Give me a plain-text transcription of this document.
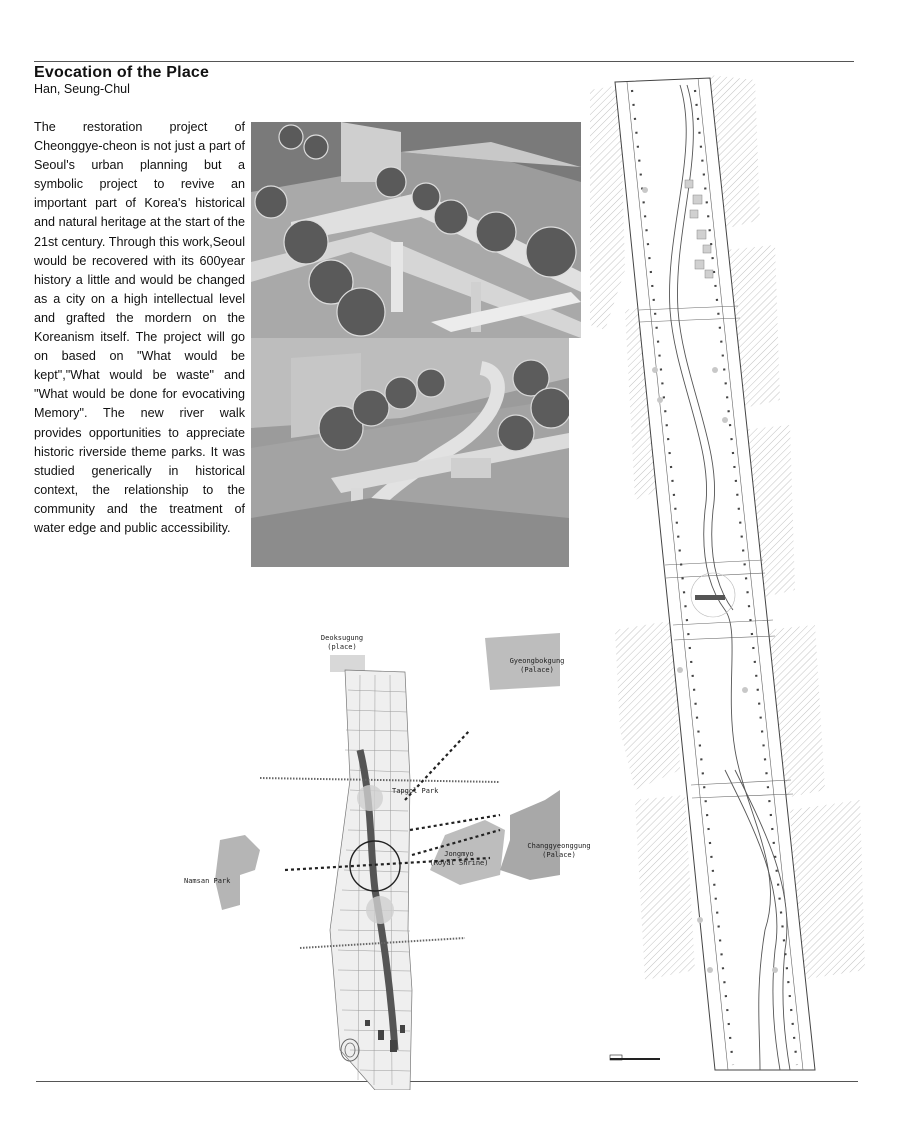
Evocation of the Place
Han, Seung-Chul
The restoration project of Cheonggye-cheon is not just a part of Seoul's urban planning but a symbolic project to revive an important part of Korea's historical and natural heritage at the start of the 21st century. Through this work,Seoul would be recovered with its 600year history a little and would be changed as a city on a high intellectual level and grafted the mordern on the Koreanism itself. The project will go on based on "What would be kept","What would be waste" and "What would be done for evocativing Memory". The new river walk provides opportunities to appreciate historic riverside theme parks. It was studied generically in historical context, the relationship to the community and the treatment of water edge and public accessibility.
Deoksugung
(place)
Gyeongbokgung
(Palace)
Tapgol Park
Jongmyo
(Royal Shrine)
Changgyeonggung
(Palace)
Namsan Park
